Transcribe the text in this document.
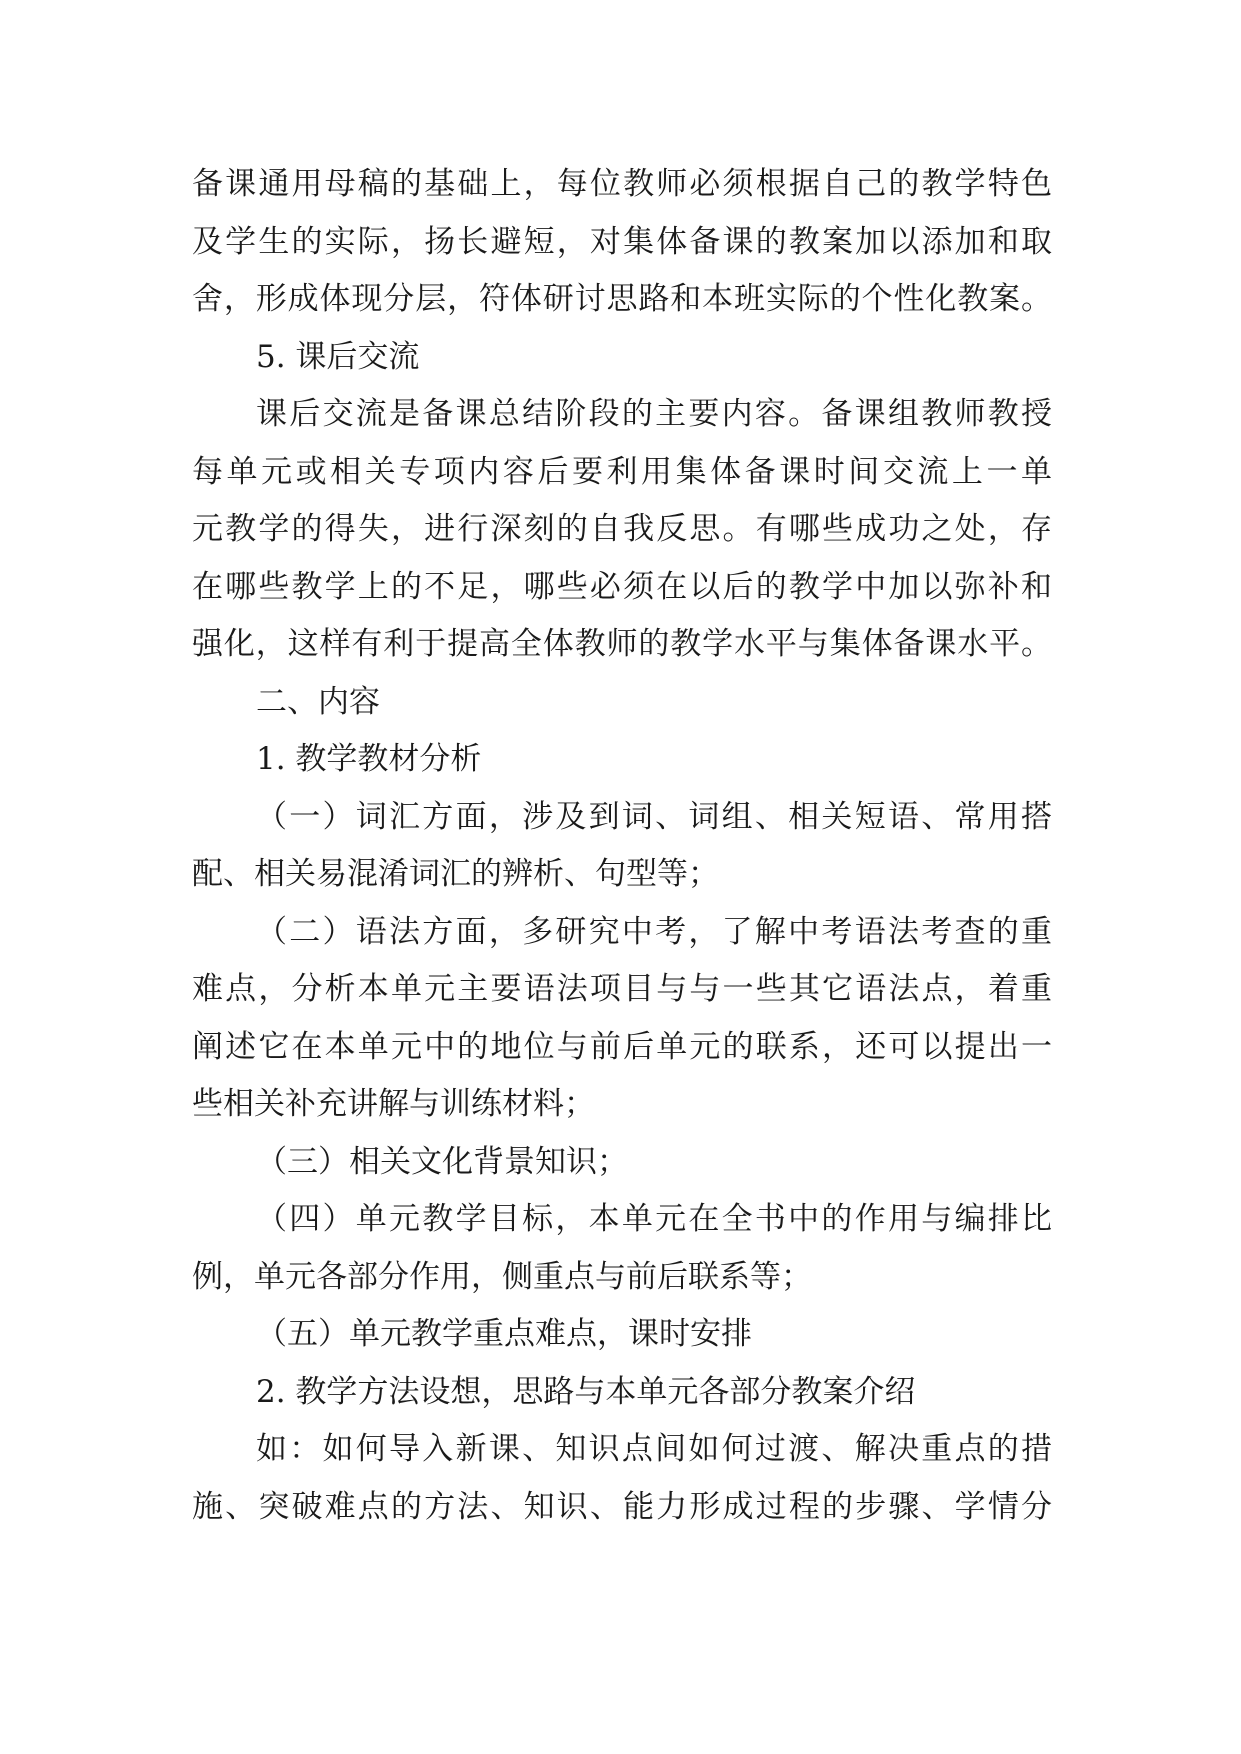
备课通用母稿的基础上，每位教师必须根据自己的教学特色
及学生的实际，扬长避短，对集体备课的教案加以添加和取
舍，形成体现分层，符体研讨思路和本班实际的个性化教案。
5. 课后交流
课后交流是备课总结阶段的主要内容。备课组教师教授
每单元或相关专项内容后要利用集体备课时间交流上一单
元教学的得失，进行深刻的自我反思。有哪些成功之处，存
在哪些教学上的不足，哪些必须在以后的教学中加以弥补和
强化，这样有利于提高全体教师的教学水平与集体备课水平。
二、内容
1. 教学教材分析
（一）词汇方面，涉及到词、词组、相关短语、常用搭
配、相关易混淆词汇的辨析、句型等；
（二）语法方面，多研究中考，了解中考语法考查的重
难点，分析本单元主要语法项目与与一些其它语法点，着重
阐述它在本单元中的地位与前后单元的联系，还可以提出一
些相关补充讲解与训练材料；
（三）相关文化背景知识；
（四）单元教学目标，本单元在全书中的作用与编排比
例，单元各部分作用，侧重点与前后联系等；
（五）单元教学重点难点，课时安排
2. 教学方法设想，思路与本单元各部分教案介绍
如：如何导入新课、知识点间如何过渡、解决重点的措
施、突破难点的方法、知识、能力形成过程的步骤、学情分
